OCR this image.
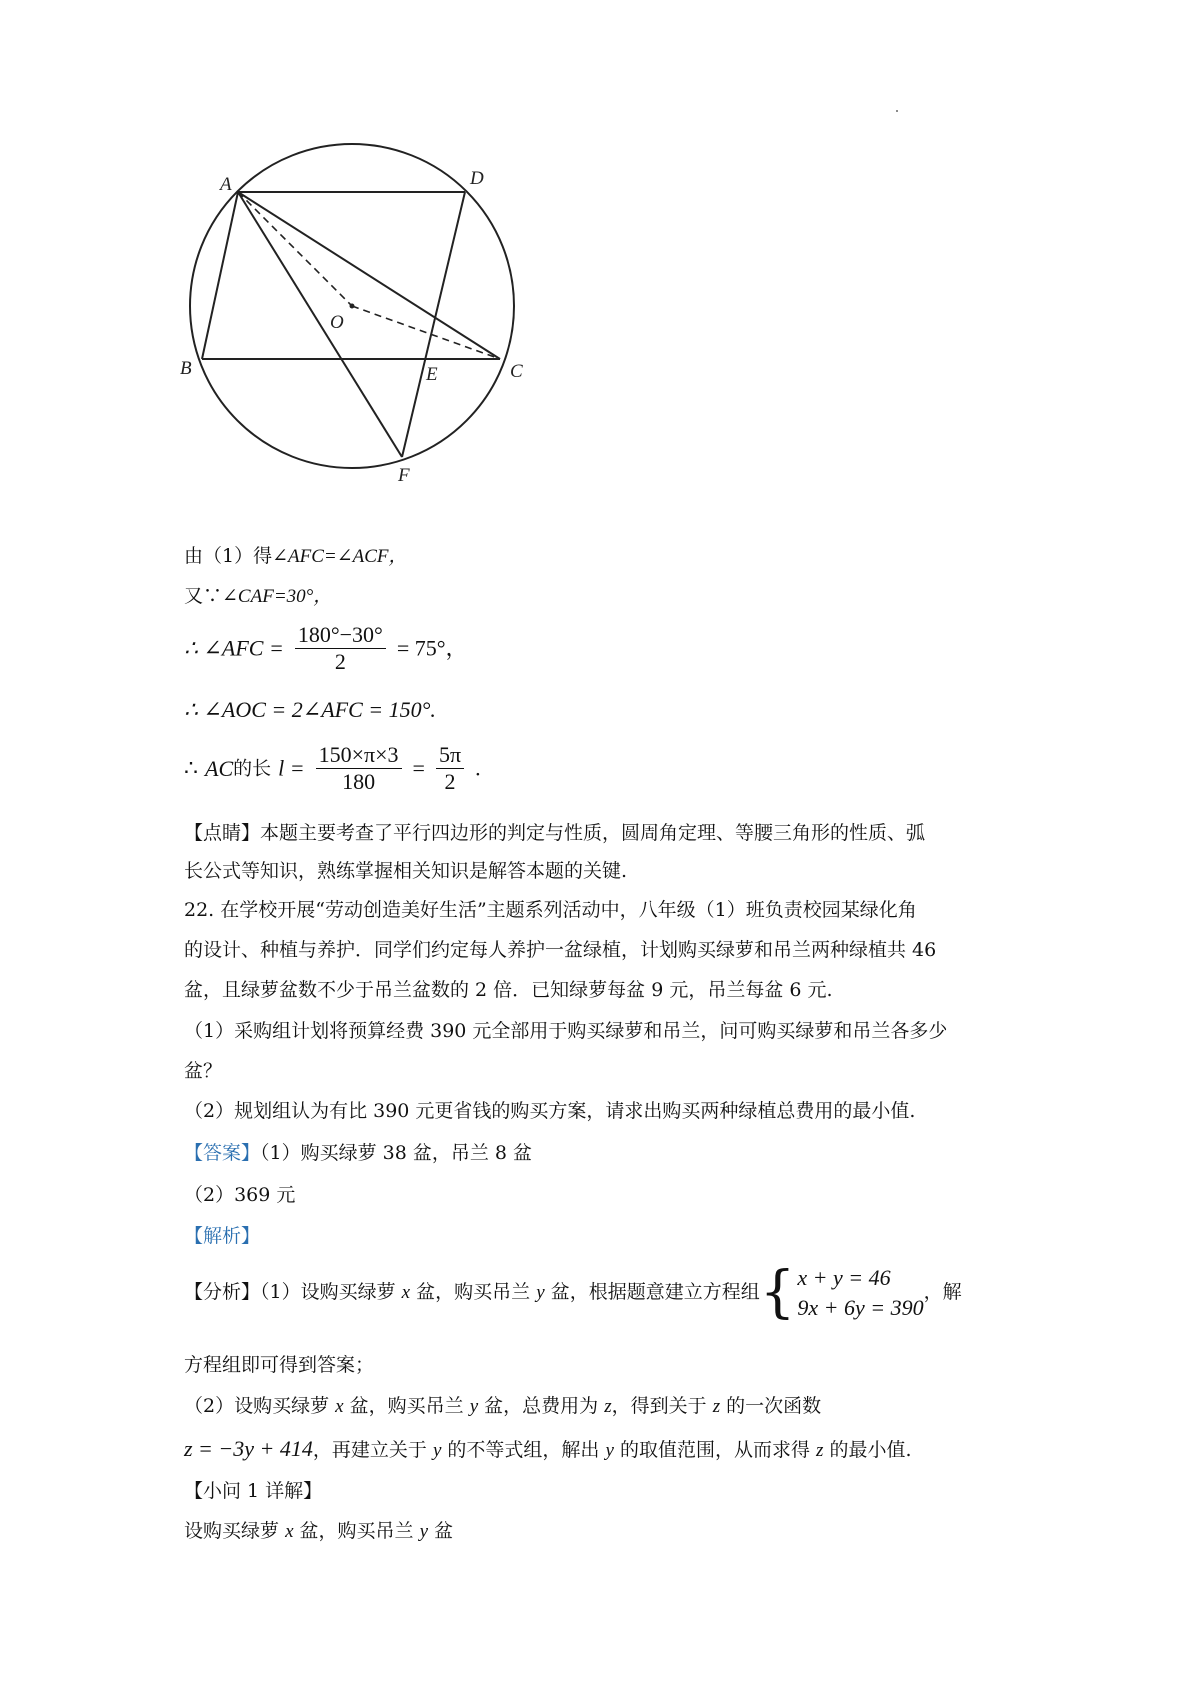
A	D
O
B	E	C
F
由（1）得∠AFC=∠ACF，
又∵∠CAF=30°，
∴ ∠AFC = $\frac{180^\circ-30^\circ}{2} = 75^\circ$，
∴ ∠AOC = 2∠AFC = 150°.
∴ AC的长 $l = \frac{150\times\pi\times 3}{180} = \frac{5\pi}{2}$ .
【点睛】本题主要考查了平行四边形的判定与性质，圆周角定理、等腰三角形的性质、弧
长公式等知识，熟练掌握相关知识是解答本题的关键.
22. 在学校开展“劳动创造美好生活”主题系列活动中，八年级（1）班负责校园某绿化角
的设计、种植与养护．同学们约定每人养护一盆绿植，计划购买绿萝和吊兰两种绿植共 46
盆，且绿萝盆数不少于吊兰盆数的 2 倍．已知绿萝每盆 9 元，吊兰每盆 6 元.
（1）采购组计划将预算经费 390 元全部用于购买绿萝和吊兰，问可购买绿萝和吊兰各多少
盆？
（2）规划组认为有比 390 元更省钱的购买方案，请求出购买两种绿植总费用的最小值.
【答案】（1）购买绿萝 38 盆，吊兰 8 盆
（2）369 元
【解析】
【分析】（1）设购买绿萝 x 盆，购买吊兰 y 盆，根据题意建立方程组{ x + y = 46
9x + 6y = 390
，解
方程组即可得到答案；
（2）设购买绿萝 x 盆，购买吊兰 y 盆，总费用为 z，得到关于 z 的一次函数
z = −3y + 414，再建立关于 y 的不等式组，解出 y 的取值范围，从而求得 z 的最小值.
【小问 1 详解】
设购买绿萝 x 盆，购买吊兰 y 盆
